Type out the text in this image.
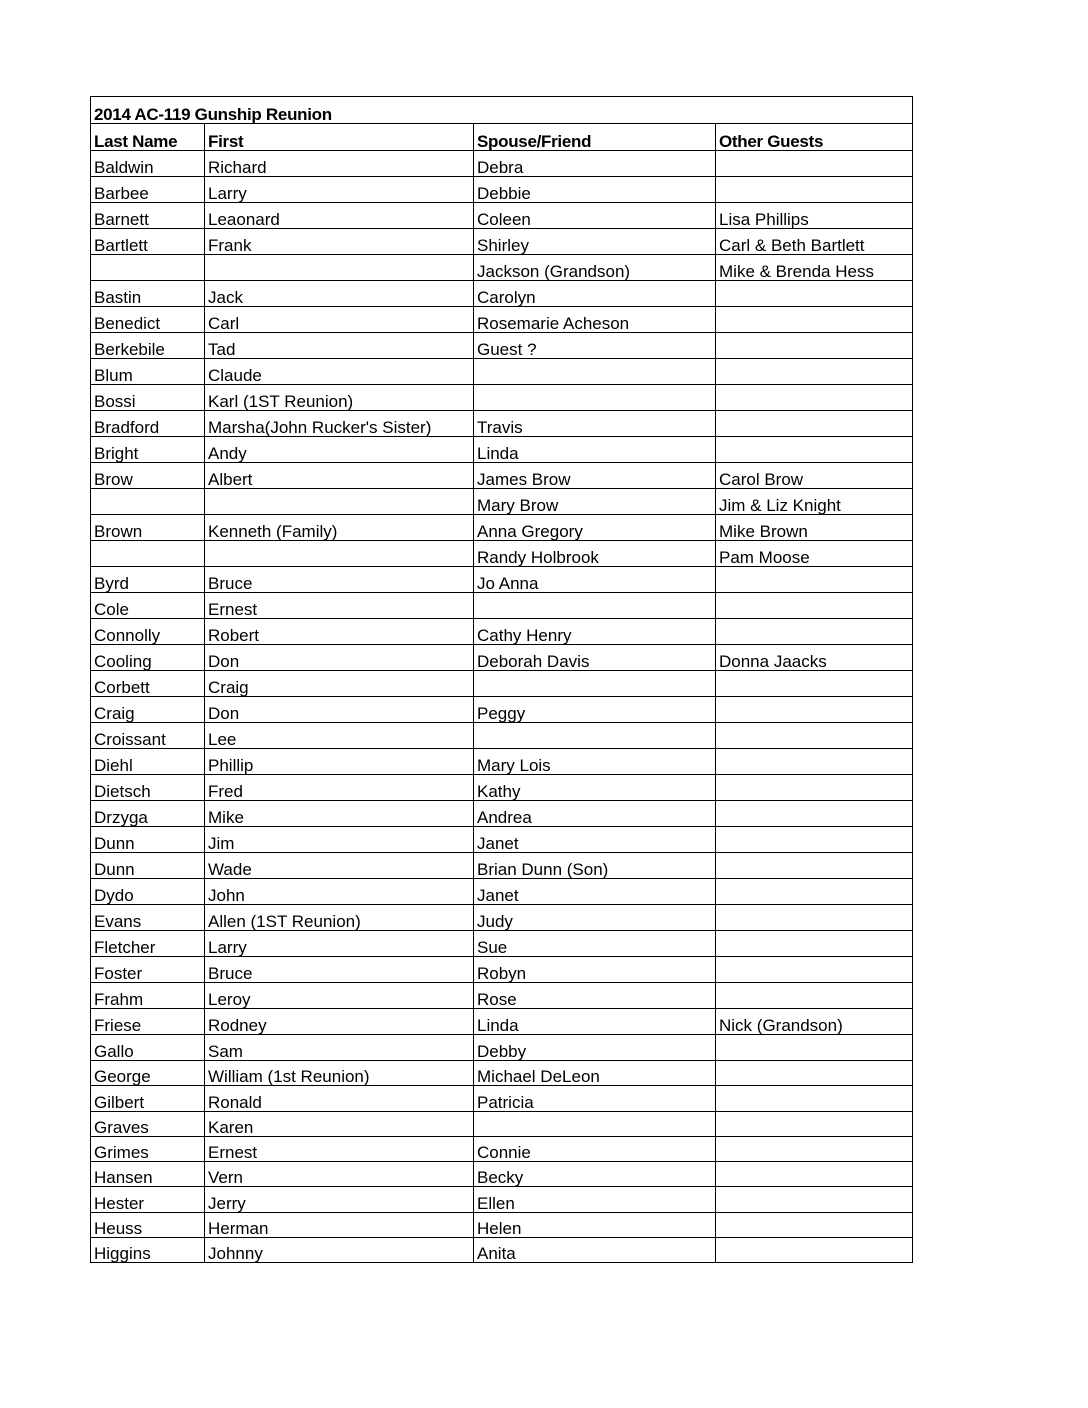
2014 AC-119 Gunship Reunion			
Last Name	First	Spouse/Friend	Other Guests
Baldwin	Richard	Debra	
Barbee	Larry	Debbie	
Barnett	Leaonard	Coleen	Lisa Phillips
Bartlett	Frank	Shirley	Carl & Beth Bartlett
		Jackson (Grandson)	Mike & Brenda Hess
Bastin	Jack	Carolyn	
Benedict	Carl	Rosemarie Acheson	
Berkebile	Tad	Guest ?	
Blum	Claude		
Bossi	Karl (1ST Reunion)		
Bradford	Marsha(John Rucker's Sister)	Travis	
Bright	Andy	Linda	
Brow	Albert	James Brow	Carol Brow
		Mary Brow	Jim & Liz Knight
Brown	Kenneth (Family)	Anna Gregory	Mike Brown
		Randy Holbrook	Pam Moose
Byrd	Bruce	Jo Anna	
Cole	Ernest		
Connolly	Robert	Cathy Henry	
Cooling	Don	Deborah Davis	Donna Jaacks
Corbett	Craig		
Craig	Don	Peggy	
Croissant	Lee		
Diehl	Phillip	Mary Lois	
Dietsch	Fred	Kathy	
Drzyga	Mike	Andrea	
Dunn	Jim	Janet	
Dunn	Wade	Brian Dunn (Son)	
Dydo	John	Janet	
Evans	Allen (1ST Reunion)	Judy	
Fletcher	Larry	Sue	
Foster	Bruce	Robyn	
Frahm	Leroy	Rose	
Friese	Rodney	Linda	Nick (Grandson)
Gallo	Sam	Debby	
George	William (1st Reunion)	Michael DeLeon	
Gilbert	Ronald	Patricia	
Graves	Karen		
Grimes	Ernest	Connie	
Hansen	Vern	Becky	
Hester	Jerry	Ellen	
Heuss	Herman	Helen	
Higgins	Johnny	Anita	
